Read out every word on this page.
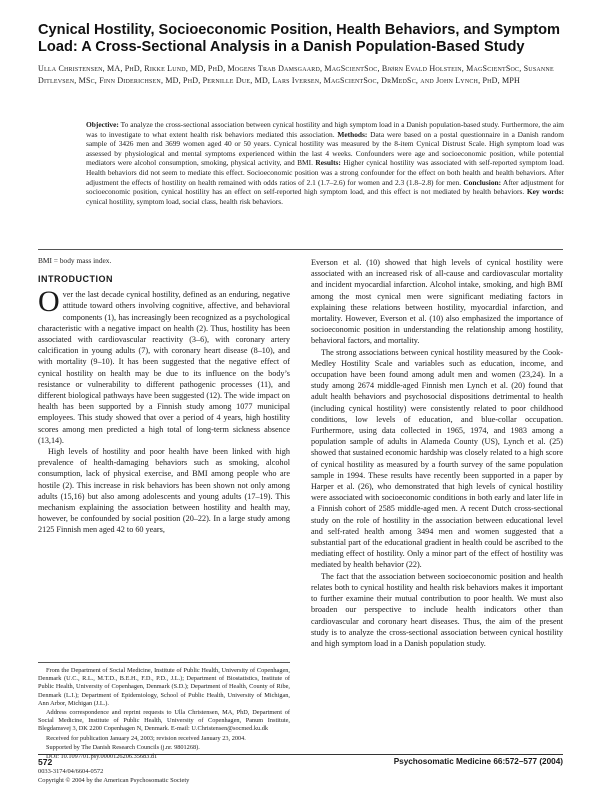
Cynical Hostility, Socioeconomic Position, Health Behaviors, and Symptom Load: A Cross-Sectional Analysis in a Danish Population-Based Study
Ulla Christensen, MA, PhD, Rikke Lund, MD, PhD, Mogens Trab Damsgaard, MagScientSoc, Bjørn Evald Holstein, MagScientSoc, Susanne Ditlevsen, MSc, Finn Diderichsen, MD, PhD, Pernille Due, MD, Lars Iversen, MagScientSoc, DrMedSc, and John Lynch, PhD, MPH
Objective: To analyze the cross-sectional association between cynical hostility and high symptom load in a Danish population-based study. Furthermore, the aim was to investigate to what extent health risk behaviors mediated this association. Methods: Data were based on a postal questionnaire in a Danish random sample of 3426 men and 3699 women aged 40 or 50 years. Cynical hostility was measured by the 8-item Cynical Distrust Scale. High symptom load was assessed by physiological and mental symptoms experienced within the last 4 weeks. Confounders were age and socioeconomic position, while potential mediators were alcohol consumption, smoking, physical activity, and BMI. Results: Higher cynical hostility was associated with self-reported symptom load. Health behaviors did not seem to mediate this effect. Socioeconomic position was a strong confounder for the effect on both health and health behaviors. After adjustment the effects of hostility on health remained with odds ratios of 2.1 (1.7–2.6) for women and 2.3 (1.8–2.8) for men. Conclusion: After adjustment for socioeconomic position, cynical hostility has an effect on self-reported high symptom load, and this effect is not mediated by health behaviors. Key words: cynical hostility, symptom load, social class, health risk behaviors.
BMI = body mass index.
INTRODUCTION

Over the last decade cynical hostility, defined as an enduring, negative attitude toward others involving cognitive, affective, and behavioral components (1), has increasingly been recognized as a psychological characteristic with a negative impact on health (2). Thus, hostility has been associated with cardiovascular reactivity (3–6), with coronary artery calcification in young adults (7), with coronary heart disease (8–10), and with mortality (9–10). It has been suggested that the negative effect of cynical hostility on health may be due to its influence on the body’s resistance or vulnerability to different pathogenic processes (11), and different biological pathways have been suggested (12). The wide impact on health has been supported by a Finnish study among 1077 municipal employees. This study showed that over a period of 4 years, high hostility scores among men predicted a high total of long-term sickness absence (13,14).

High levels of hostility and poor health have been linked with high prevalence of health-damaging behaviors such as smoking, alcohol consumption, lack of physical exercise, and BMI among people who are hostile (2). This increase in risk behaviors has been shown not only among adults (15,16) but also among adolescents and young adults (17–19). This mechanism explaining the association between hostility and health may, however, be confounded by social position (20–22). In a large study among 2125 Finnish men aged 42 to 60 years,

Everson et al. (10) showed that high levels of cynical hostility were associated with an increased risk of all-cause and cardiovascular mortality and incident myocardial infarction. Alcohol intake, smoking, and high BMI among the most cynical men were significant mediating factors in explaining these relations between hostility, myocardial infarction, and mortality. However, Everson et al. (10) also emphasized the importance of socioeconomic position in understanding the relationship among hostility, behavioral factors, and mortality.

The strong associations between cynical hostility measured by the Cook-Medley Hostility Scale and variables such as education, income, and occupation have been found among adult men and women (23,24). In a study among 2674 middle-aged Finnish men Lynch et al. (20) found that adult health behaviors and psychosocial dispositions detrimental to health (including cynical hostility) were consistently related to poor childhood conditions, low levels of education, and blue-collar occupation. Furthermore, using data collected in 1965, 1974, and 1983 among a population sample of adults in Alameda County (US), Lynch et al. (25) showed that sustained economic hardship was closely related to a high score of cynical hostility as measured by a fourth survey of the same population sample in 1994. These results have recently been supported in a paper by Harper et al. (26), who demonstrated that high levels of cynical hostility were associated with socioeconomic conditions in both early and later life in a Finnish cohort of 2585 middle-aged men. A recent Dutch cross-sectional study on the role of hostility in the association between educational level and self-rated health among 3494 men and women suggested that a substantial part of the educational gradient in health could be ascribed to the mediating effect of hostility. Only a minor part of the effect of hostility was mediated by health behavior (22).

The fact that the association between socioeconomic position and health relates both to cynical hostility and health risk behaviors makes it important to further examine their mutual contribution to poor health. We must also broaden our perspective to include health indicators other than cardiovascular and coronary heart diseases. Thus, the aim of the present study is to analyze the cross-sectional association between cynical hostility and high symptom load in a Danish population study.

From the Department of Social Medicine, Institute of Public Health, University of Copenhagen, Denmark (U.C., R.L., M.T.D., B.E.H., F.D., P.D., J.L.); Department of Biostatistics, Institute of Public Health, University of Copenhagen, Denmark (S.D.); Department of Health, County of Ribe, Denmark (L.I.); Department of Epidemiology, School of Public Health, University of Michigan, Ann Arbor, Michigan (J.L.).

Address correspondence and reprint requests to Ulla Christensen, MA, PhD, Department of Social Medicine, Institute of Public Health, University of Copenhagen, Panum Institute, Blegdamsvej 3, DK 2200 Copenhagen N, Denmark. E-mail: U.Christensen@socmed.ku.dk

Received for publication January 24, 2003; revision received January 23, 2004.

Supported by The Danish Research Councils (j.nr. 9801268).

DOI: 10.1097/01.psy.0000126206.35683.d1

572	Psychosomatic Medicine 66:572–577 (2004)
0033-3174/04/6604-0572
Copyright © 2004 by the American Psychosomatic Society
